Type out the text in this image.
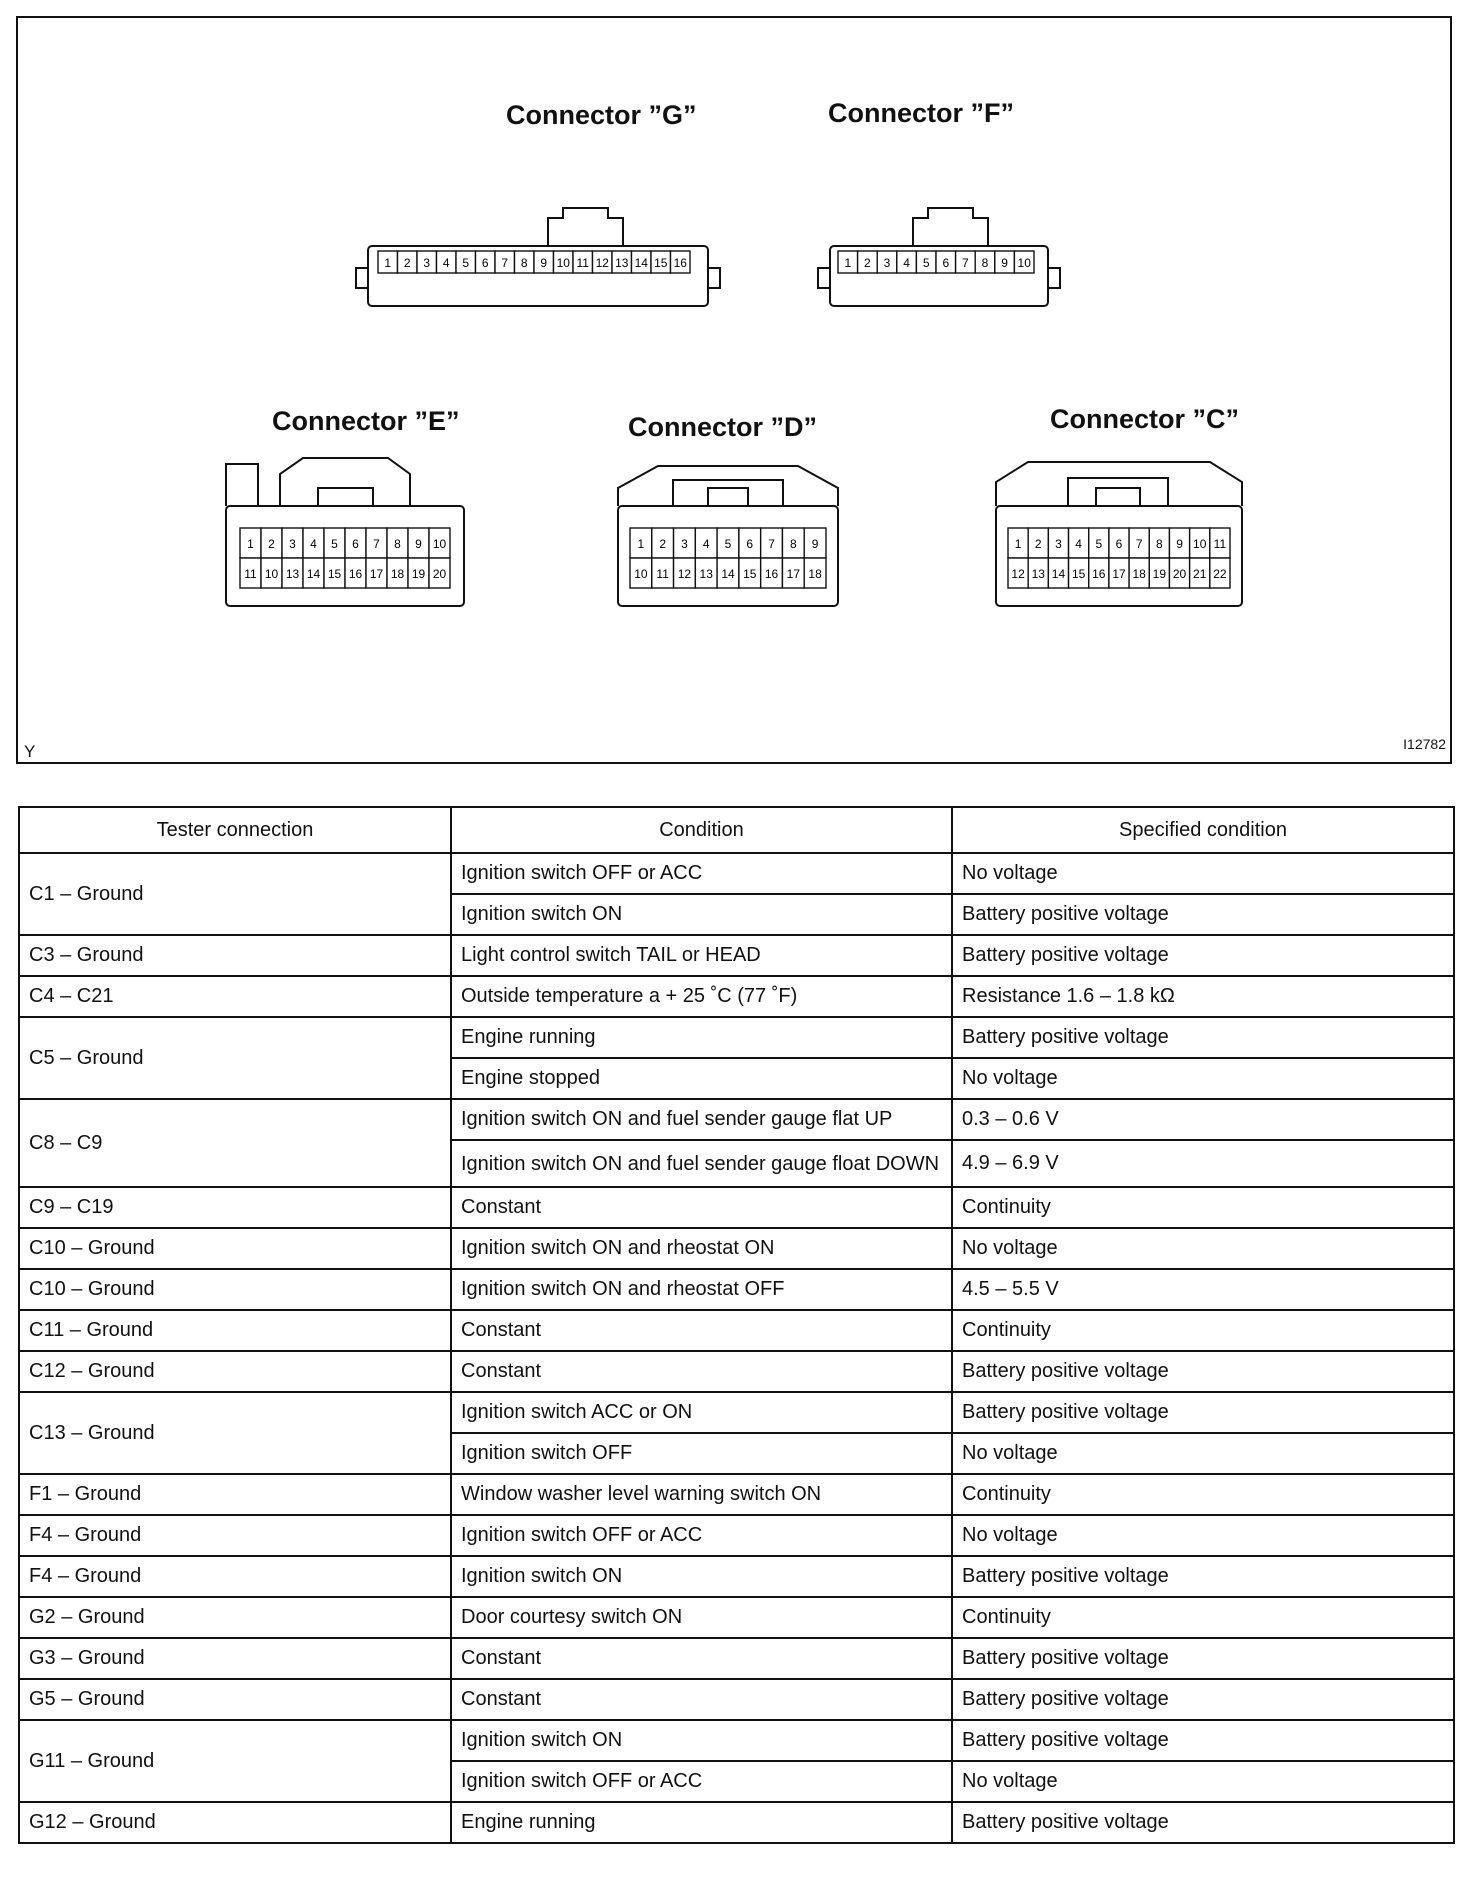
1 2 3 4 5 6 7 8 9 10 11 12 13 14 15 16	1 2 3 4 5 6 7 8 9 10
1 2 3 4 5 6 7 8 9 10
11 10 13 14 15 16 17 18 19 20
1 2 3 4 5 6 7 8 9
10 11 12 13 14 15 16 17 18
1 2 3 4 5 6 7 8 9 10 11
12 13 14 15 16 17 18 19 20 21 22
Connector ”G”	Connector ”F”
Connector ”E”	Connector ”D”	Connector ”C”
Y	I12782
Tester connection	Condition	Specified condition
C1 – Ground	Ignition switch OFF or ACC	No voltage
	Ignition switch ON	Battery positive voltage
C3 – Ground	Light control switch TAIL or HEAD	Battery positive voltage
C4 – C21	Outside temperature a + 25 ˚C (77 ˚F)	Resistance 1.6 – 1.8 kΩ
C5 – Ground	Engine running	Battery positive voltage
	Engine stopped	No voltage
C8 – C9	Ignition switch ON and fuel sender gauge flat UP	0.3 – 0.6 V
	Ignition switch ON and fuel sender gauge float DOWN	4.9 – 6.9 V
C9 – C19	Constant	Continuity
C10 – Ground	Ignition switch ON and rheostat ON	No voltage
C10 – Ground	Ignition switch ON and rheostat OFF	4.5 – 5.5 V
C11 – Ground	Constant	Continuity
C12 – Ground	Constant	Battery positive voltage
C13 – Ground	Ignition switch ACC or ON	Battery positive voltage
	Ignition switch OFF	No voltage
F1 – Ground	Window washer level warning switch ON	Continuity
F4 – Ground	Ignition switch OFF or ACC	No voltage
F4 – Ground	Ignition switch ON	Battery positive voltage
G2 – Ground	Door courtesy switch ON	Continuity
G3 – Ground	Constant	Battery positive voltage
G5 – Ground	Constant	Battery positive voltage
G11 – Ground	Ignition switch ON	Battery positive voltage
	Ignition switch OFF or ACC	No voltage
G12 – Ground	Engine running	Battery positive voltage
